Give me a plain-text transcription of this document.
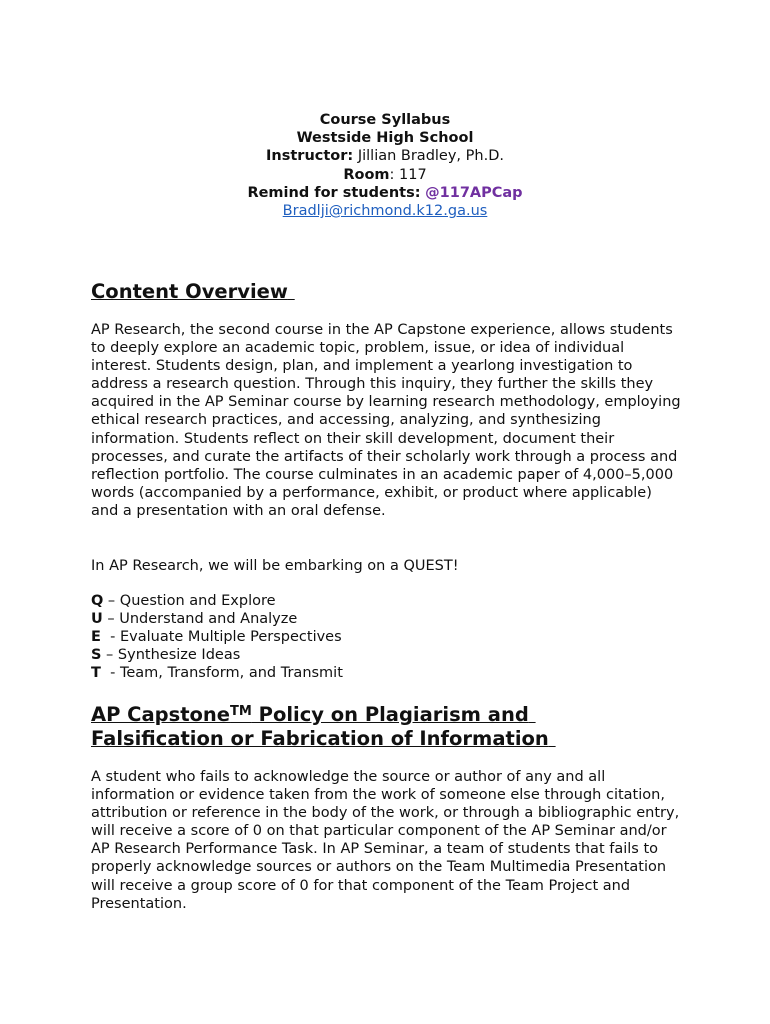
Course Syllabus
Westside High School
Instructor: Jillian Bradley, Ph.D.
Room: 117
Remind for students: @117APCap
Bradlji@richmond.k12.ga.us
Content Overview

AP Research, the second course in the AP Capstone experience, allows students to deeply explore an academic topic, problem, issue, or idea of individual interest. Students design, plan, and implement a yearlong investigation to address a research question. Through this inquiry, they further the skills they acquired in the AP Seminar course by learning research methodology, employing ethical research practices, and accessing, analyzing, and synthesizing information. Students reflect on their skill development, document their processes, and curate the artifacts of their scholarly work through a process and reflection portfolio. The course culminates in an academic paper of 4,000–5,000 words (accompanied by a performance, exhibit, or product where applicable) and a presentation with an oral defense.

In AP Research, we will be embarking on a QUEST!

Q – Question and Explore
U – Understand and Analyze
E  - Evaluate Multiple Perspectives
S – Synthesize Ideas
T  - Team, Transform, and Transmit
AP Capstone™ Policy on Plagiarism and
Falsification or Fabrication of Information

A student who fails to acknowledge the source or author of any and all information or evidence taken from the work of someone else through citation, attribution or reference in the body of the work, or through a bibliographic entry, will receive a score of 0 on that particular component of the AP Seminar and/or AP Research Performance Task. In AP Seminar, a team of students that fails to properly acknowledge sources or authors on the Team Multimedia Presentation will receive a group score of 0 for that component of the Team Project and Presentation.
